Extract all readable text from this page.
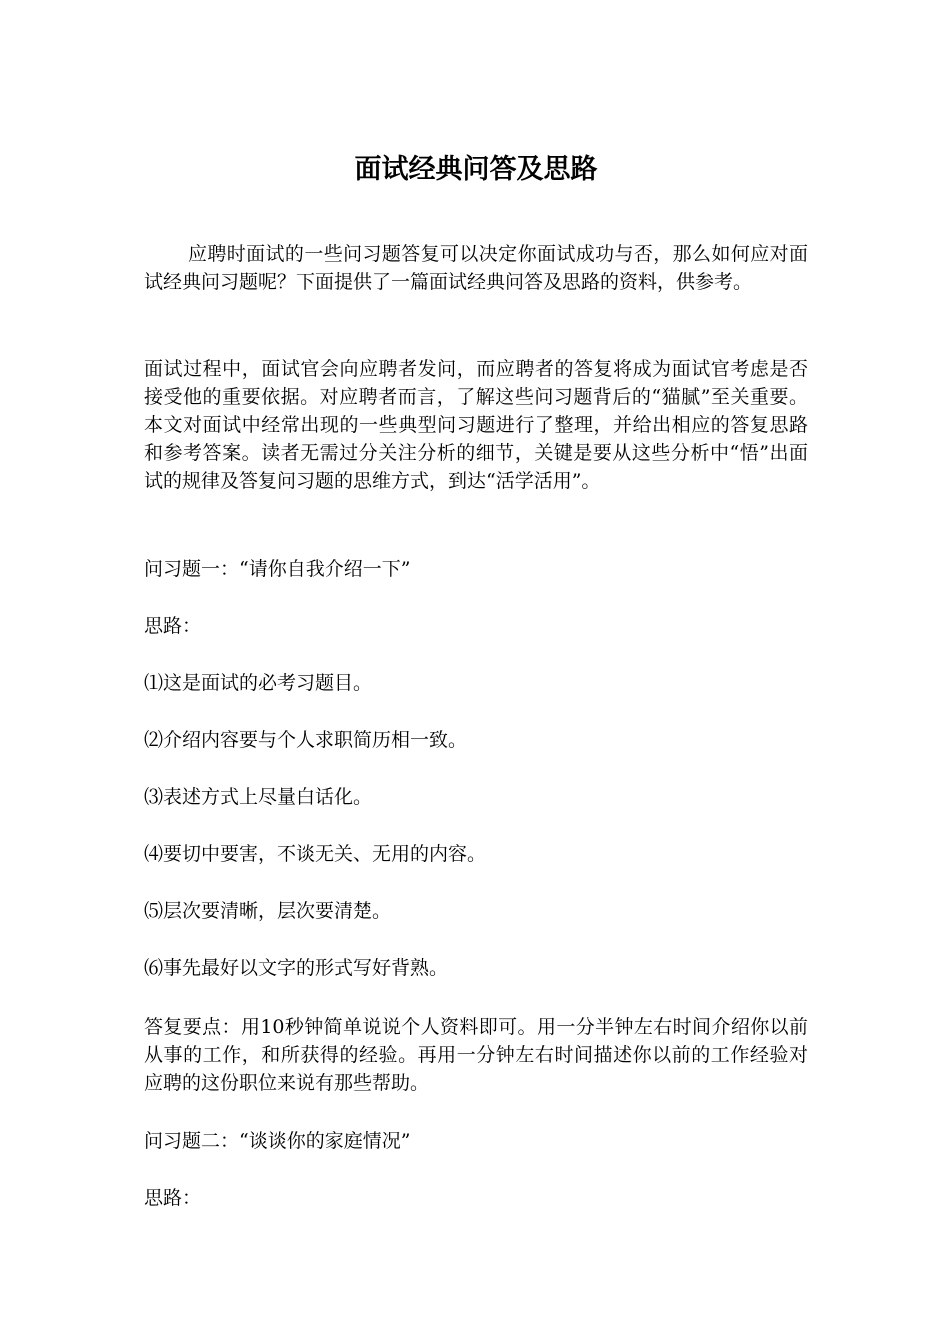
面试经典问答及思路

应聘时面试的一些问习题答复可以决定你面试成功与否，那么如何应对面试经典问习题呢？下面提供了一篇面试经典问答及思路的资料，供参考。

面试过程中，面试官会向应聘者发问，而应聘者的答复将成为面试官考虑是否接受他的重要依据。对应聘者而言，了解这些问习题背后的“猫腻”至关重要。本文对面试中经常出现的一些典型问习题进行了整理，并给出相应的答复思路和参考答案。读者无需过分关注分析的细节，关键是要从这些分析中“悟”出面试的规律及答复问习题的思维方式，到达“活学活用”。

问习题一：“请你自我介绍一下”

思路：

⑴这是面试的必考习题目。

⑵介绍内容要与个人求职简历相一致。

⑶表述方式上尽量白话化。

⑷要切中要害，不谈无关、无用的内容。

⑸层次要清晰，层次要清楚。

⑹事先最好以文字的形式写好背熟。

答复要点：用10秒钟简单说说个人资料即可。用一分半钟左右时间介绍你以前从事的工作，和所获得的经验。再用一分钟左右时间描述你以前的工作经验对应聘的这份职位来说有那些帮助。

问习题二：“谈谈你的家庭情况”

思路：
